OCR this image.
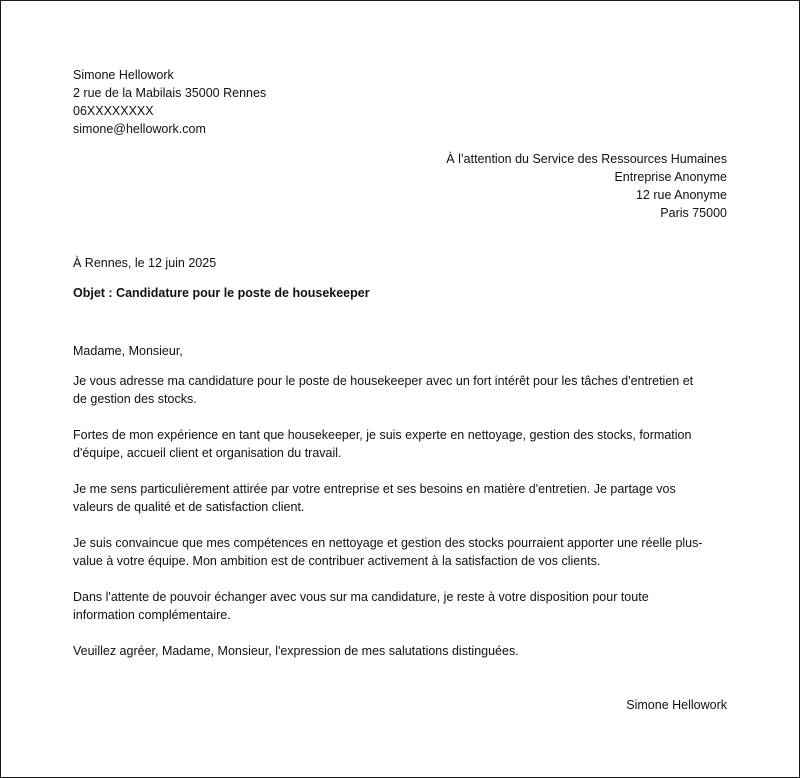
Simone Hellowork
2 rue de la Mabilais 35000 Rennes
06XXXXXXXX
simone@hellowork.com
À l’attention du Service des Ressources Humaines
Entreprise Anonyme
12 rue Anonyme
Paris 75000
À Rennes, le 12 juin 2025
Objet : Candidature pour le poste de housekeeper
Madame, Monsieur,
Je vous adresse ma candidature pour le poste de housekeeper avec un fort intérêt pour les tâches d'entretien et
de gestion des stocks.
Fortes de mon expérience en tant que housekeeper, je suis experte en nettoyage, gestion des stocks, formation
d'équipe, accueil client et organisation du travail.
Je me sens particulièrement attirée par votre entreprise et ses besoins en matière d'entretien. Je partage vos
valeurs de qualité et de satisfaction client.
Je suis convaincue que mes compétences en nettoyage et gestion des stocks pourraient apporter une réelle plus-
value à votre équipe. Mon ambition est de contribuer activement à la satisfaction de vos clients.
Dans l'attente de pouvoir échanger avec vous sur ma candidature, je reste à votre disposition pour toute
information complémentaire.
Veuillez agréer, Madame, Monsieur, l'expression de mes salutations distinguées.
Simone Hellowork
